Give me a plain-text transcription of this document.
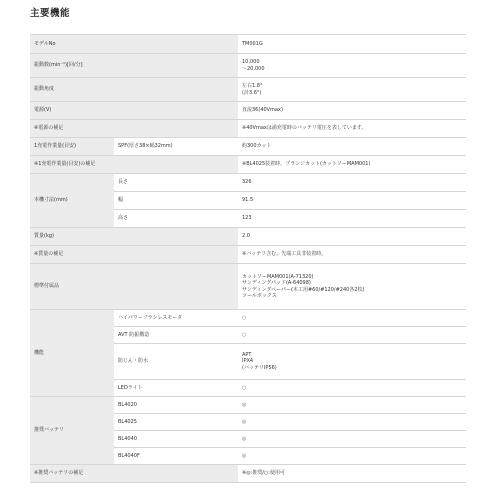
主要機能
モデルNo		TM001G
振動数(min⁻¹)[回/分]		10,000
～20,000
振動角度		左右1.8°
(計3.6°)
電源(V)		直流36(40Vmax)
※電源の補足		※40Vmaxは満充電時のバッテリ電圧を表しています。
1充電作業量(目安)	SPF(厚さ38×幅32mm)	約300カット
※1充電作業量(目安)の補足		※BL4025装着時。プランジカット(カットソーMAM001)
本機寸法(mm)	長さ	326
	幅	91.5
	高さ	123
質量(kg)		2.0
※質量の補足		※バッテリ含む。先端工具非装着時。
標準付属品		カットソーMAM001(A-71320)
サンディングパッド(A-64098)
サンディングペーパー(木工用#60/#120/#240各2枚)
ツールボックス
機能	ハイパワーブラシレスモータ	○
	AVT 防振構造	○
	防じん・防水	APT
IPX4
(バッテリIP56)
	LEDライト	○
推奨バッテリ	BL4020	◎
	BL4025	◎
	BL4040	◎
	BL4040F	◎
※推奨バッテリの補足		※◎:推奨/○:使用可
